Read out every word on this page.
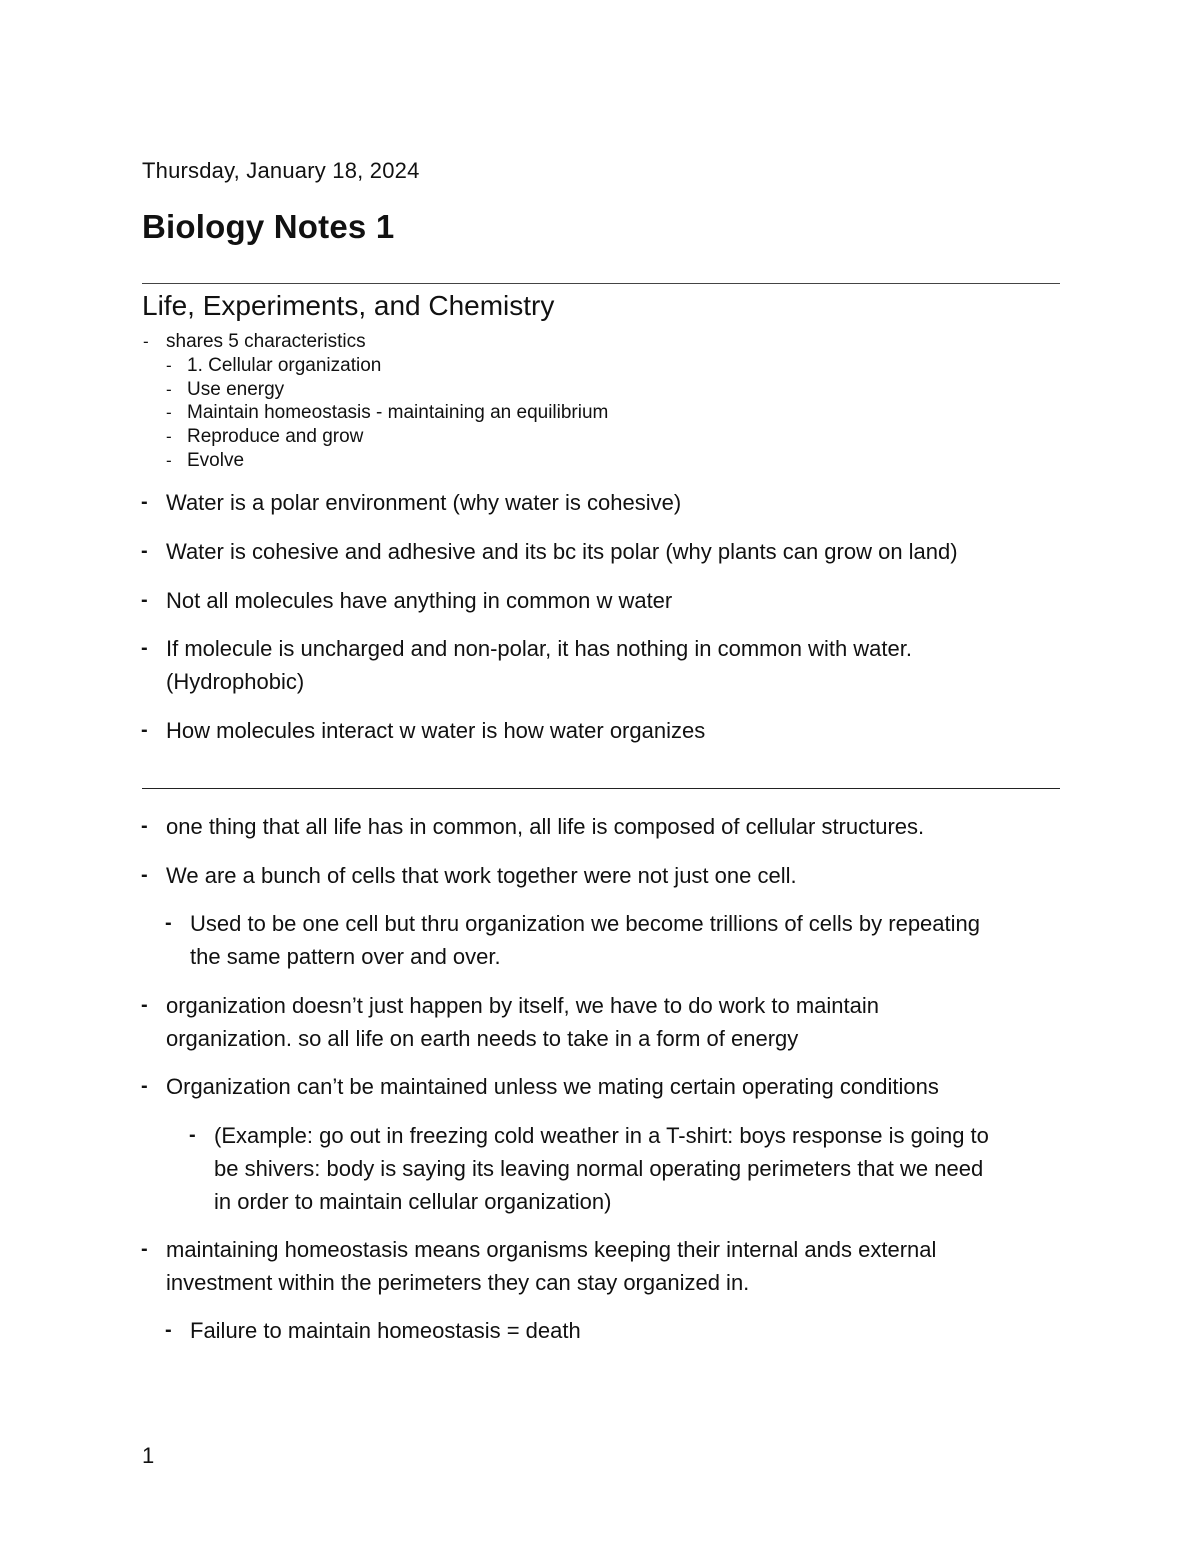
Thursday, January 18, 2024
Biology Notes 1
Life, Experiments, and Chemistry
- shares 5 characteristics
- 1. Cellular organization
- Use energy
- Maintain homeostasis - maintaining an equilibrium
- Reproduce and grow
- Evolve
- Water is a polar environment (why water is cohesive)
- Water is cohesive and adhesive and its bc its polar (why plants can grow on land)
- Not all molecules have anything in common w water
- If molecule is uncharged and non-polar, it has nothing in common with water.
(Hydrophobic)
- How molecules interact w water is how water organizes
- one thing that all life has in common, all life is composed of cellular structures.
- We are a bunch of cells that work together were not just one cell.
- Used to be one cell but thru organization we become trillions of cells by repeating
the same pattern over and over.
- organization doesn’t just happen by itself, we have to do work to maintain
organization. so all life on earth needs to take in a form of energy
- Organization can’t be maintained unless we mating certain operating conditions
- (Example: go out in freezing cold weather in a T-shirt: boys response is going to
be shivers: body is saying its leaving normal operating perimeters that we need
in order to maintain cellular organization)
- maintaining homeostasis means organisms keeping their internal ands external
investment within the perimeters they can stay organized in.
- Failure to maintain homeostasis = death
1
